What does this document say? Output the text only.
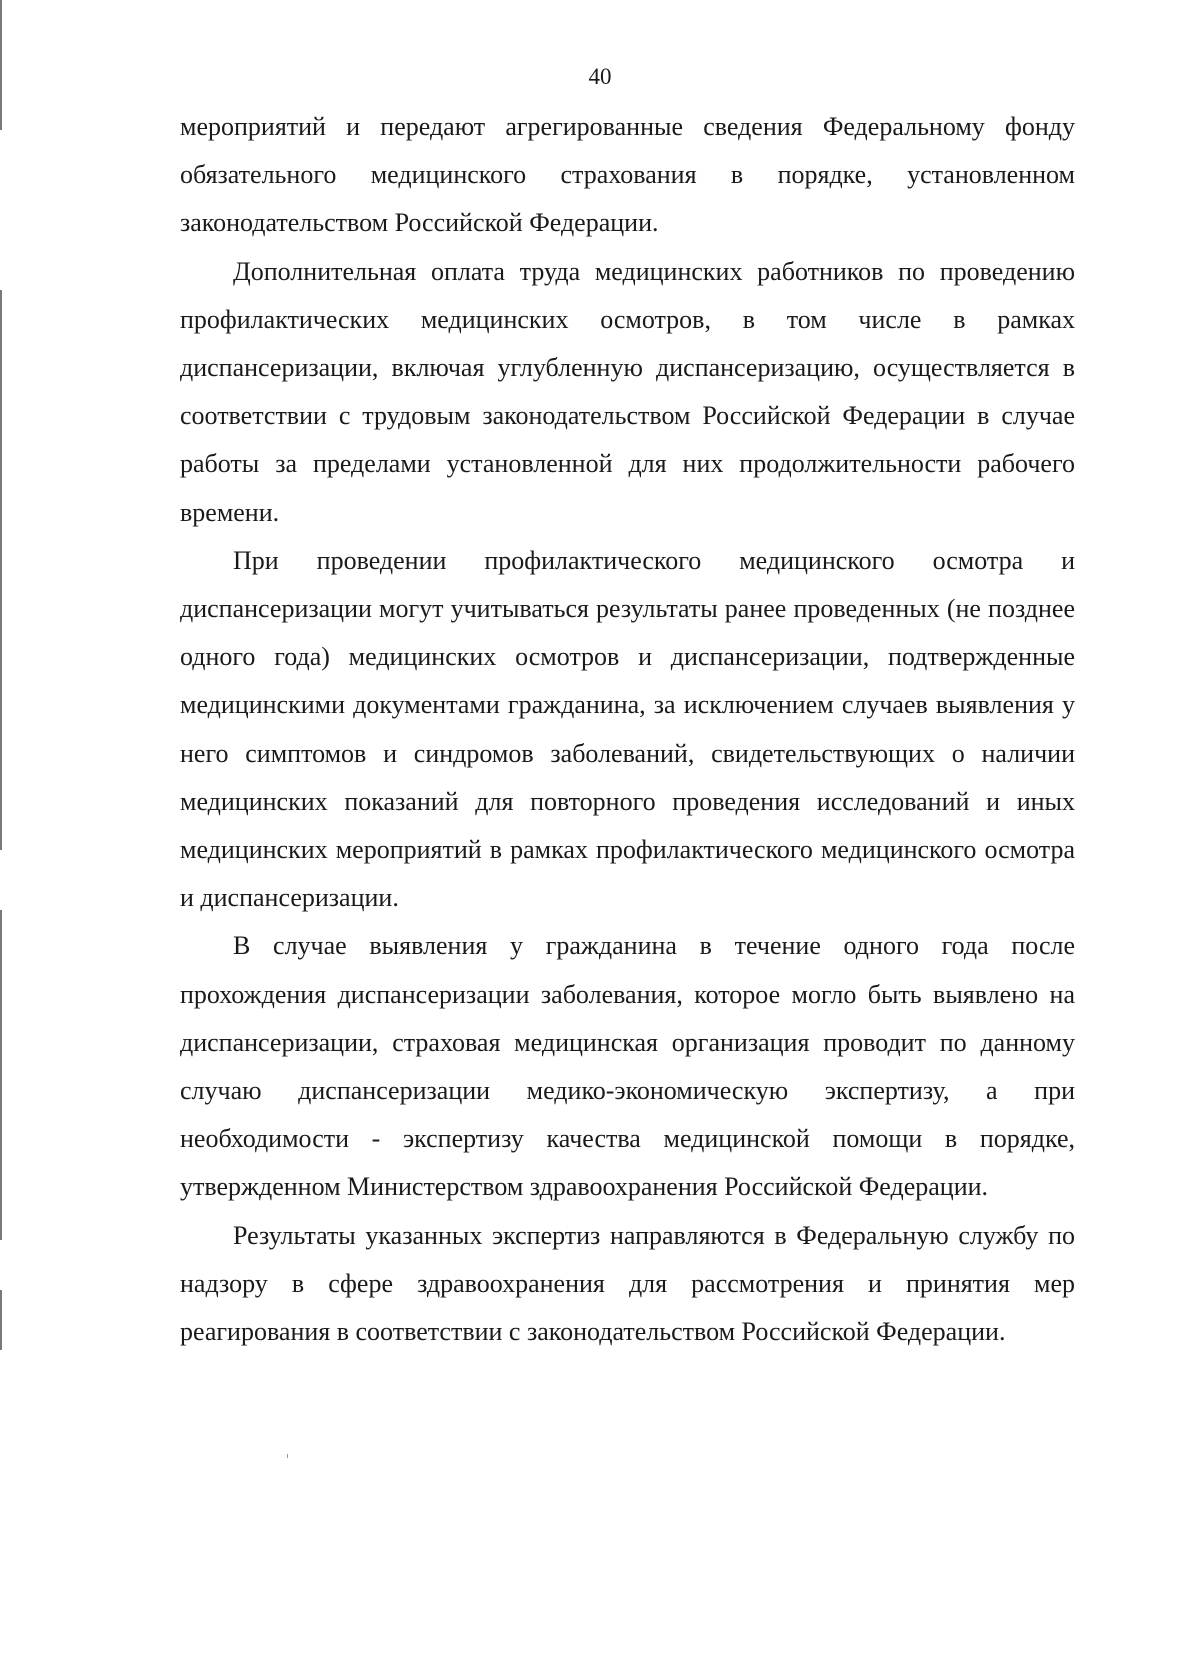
40

мероприятий и передают агрегированные сведения Федеральному фонду обязательного медицинского страхования в порядке, установленном законодательством Российской Федерации.

Дополнительная оплата труда медицинских работников по проведению профилактических медицинских осмотров, в том числе в рамках диспансеризации, включая углубленную диспансеризацию, осуществляется в соответствии с трудовым законодательством Российской Федерации в случае работы за пределами установленной для них продолжительности рабочего времени.

При проведении профилактического медицинского осмотра и диспансеризации могут учитываться результаты ранее проведенных (не позднее одного года) медицинских осмотров и диспансеризации, подтвержденные медицинскими документами гражданина, за исключением случаев выявления у него симптомов и синдромов заболеваний, свидетельствующих о наличии медицинских показаний для повторного проведения исследований и иных медицинских мероприятий в рамках профилактического медицинского осмотра и диспансеризации.

В случае выявления у гражданина в течение одного года после прохождения диспансеризации заболевания, которое могло быть выявлено на диспансеризации, страховая медицинская организация проводит по данному случаю диспансеризации медико-экономическую экспертизу, а при необходимости - экспертизу качества медицинской помощи в порядке, утвержденном Министерством здравоохранения Российской Федерации.

Результаты указанных экспертиз направляются в Федеральную службу по надзору в сфере здравоохранения для рассмотрения и принятия мер реагирования в соответствии с законодательством Российской Федерации.
